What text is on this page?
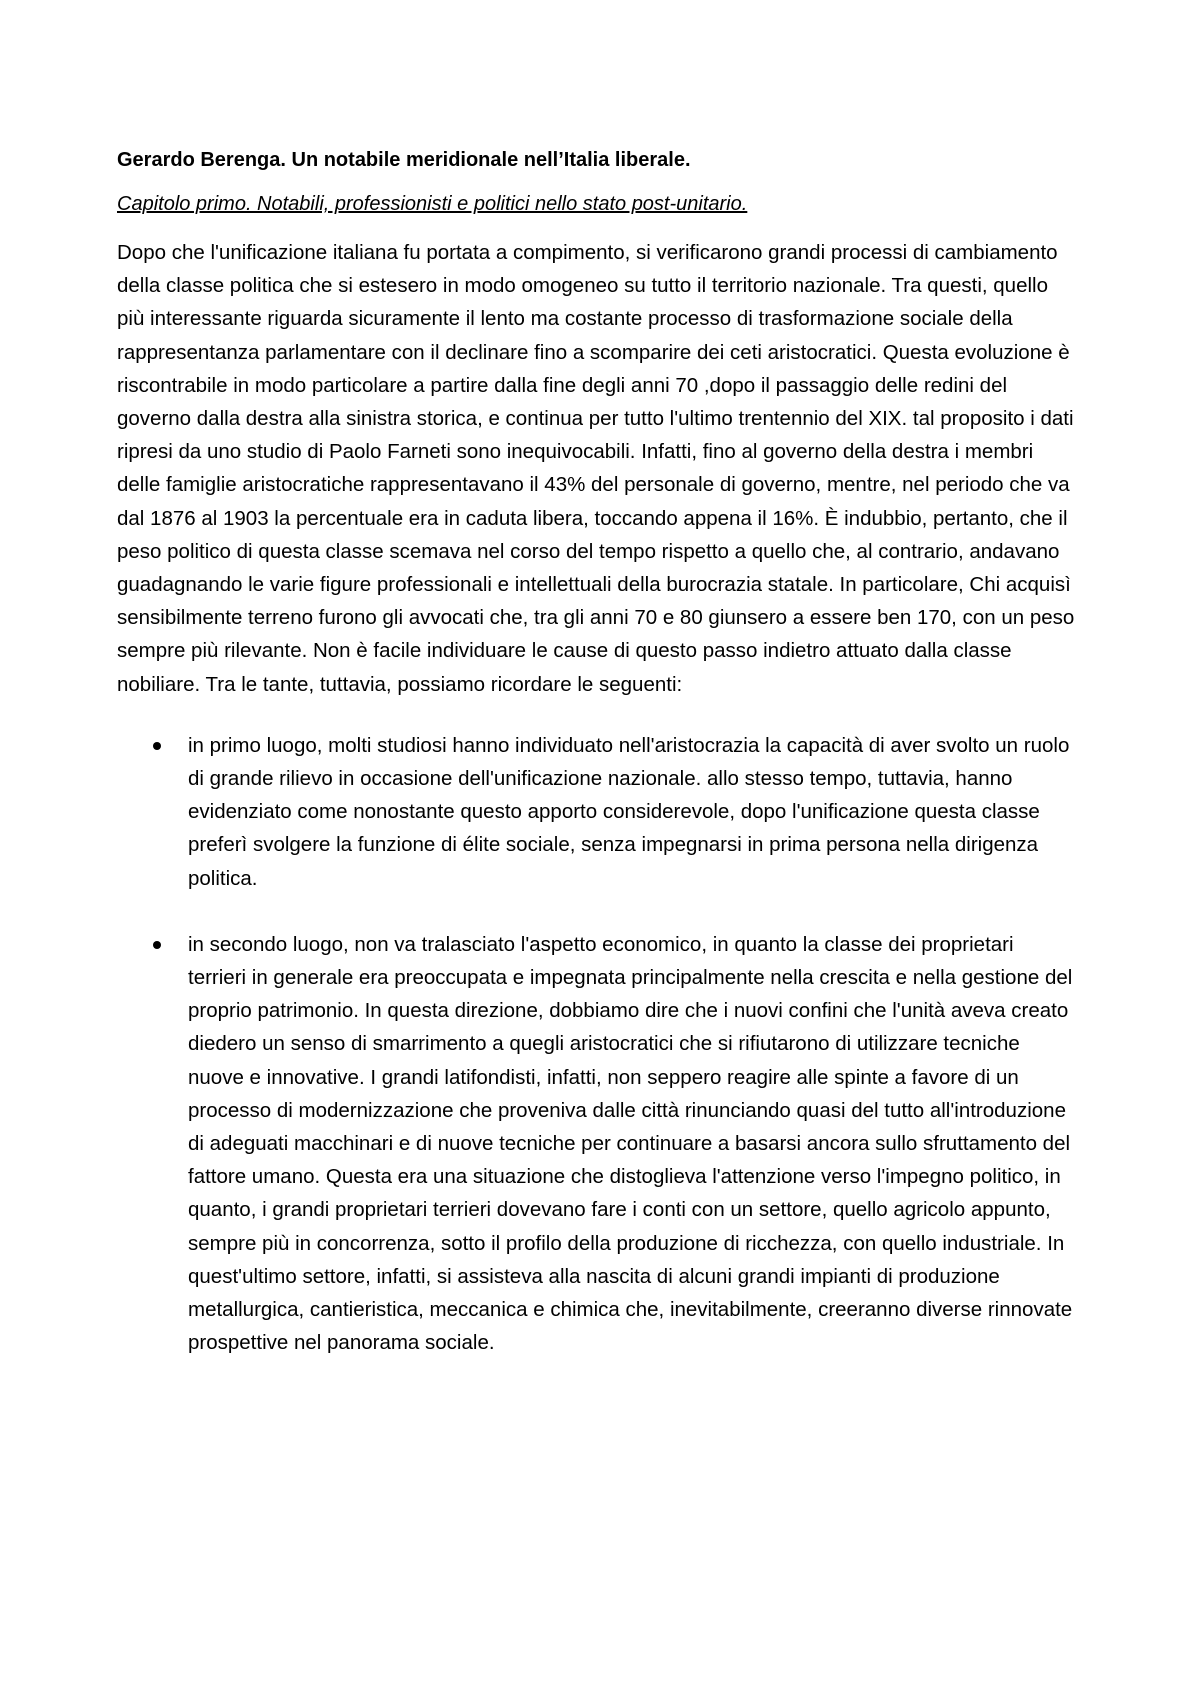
Gerardo Berenga. Un notabile meridionale nell’Italia liberale.

Capitolo primo. Notabili, professionisti e politici nello stato post-unitario.

Dopo che l'unificazione italiana fu portata a compimento, si verificarono grandi processi di cambiamento della classe politica che si estesero in modo omogeneo su tutto il territorio nazionale. Tra questi, quello più interessante riguarda sicuramente il lento ma costante processo di trasformazione sociale della rappresentanza parlamentare con il declinare fino a scomparire dei ceti aristocratici. Questa evoluzione è riscontrabile in modo particolare a partire dalla fine degli anni 70 ,dopo il passaggio delle redini del governo dalla destra alla sinistra storica, e continua per tutto l'ultimo trentennio del XIX. tal proposito i dati ripresi da uno studio di Paolo Farneti sono inequivocabili. Infatti, fino al governo della destra i membri delle famiglie aristocratiche rappresentavano il 43% del personale di governo, mentre, nel periodo che va dal 1876 al 1903 la percentuale era in caduta libera, toccando appena il 16%. È indubbio, pertanto, che il peso politico di questa classe scemava nel corso del tempo rispetto a quello che, al contrario, andavano guadagnando le varie figure professionali e intellettuali della burocrazia statale. In particolare, Chi acquisì sensibilmente terreno furono gli avvocati che, tra gli anni 70 e 80 giunsero a essere ben 170, con un peso sempre più rilevante. Non è facile individuare le cause di questo passo indietro attuato dalla classe nobiliare. Tra le tante, tuttavia, possiamo ricordare le seguenti:

in primo luogo, molti studiosi hanno individuato nell'aristocrazia la capacità di aver svolto un ruolo di grande rilievo in occasione dell'unificazione nazionale. allo stesso tempo, tuttavia, hanno evidenziato come nonostante questo apporto considerevole, dopo l'unificazione questa classe preferì svolgere la funzione di élite sociale, senza impegnarsi in prima persona nella dirigenza politica.
in secondo luogo, non va tralasciato l'aspetto economico, in quanto la classe dei proprietari terrieri in generale era preoccupata e impegnata principalmente nella crescita e nella gestione del proprio patrimonio. In questa direzione, dobbiamo dire che i nuovi confini che l'unità aveva creato diedero un senso di smarrimento a quegli aristocratici che si rifiutarono di utilizzare tecniche nuove e innovative. I grandi latifondisti, infatti, non seppero reagire alle spinte a favore di un processo di modernizzazione che proveniva dalle città rinunciando quasi del tutto all'introduzione di adeguati macchinari e di nuove tecniche per continuare a basarsi ancora sullo sfruttamento del fattore umano. Questa era una situazione che distoglieva l'attenzione verso l'impegno politico, in quanto, i grandi proprietari terrieri dovevano fare i conti con un settore, quello agricolo appunto, sempre più in concorrenza, sotto il profilo della produzione di ricchezza, con quello industriale. In quest'ultimo settore, infatti, si assisteva alla nascita di alcuni grandi impianti di produzione metallurgica, cantieristica, meccanica e chimica che, inevitabilmente, creeranno diverse rinnovate prospettive nel panorama sociale.
